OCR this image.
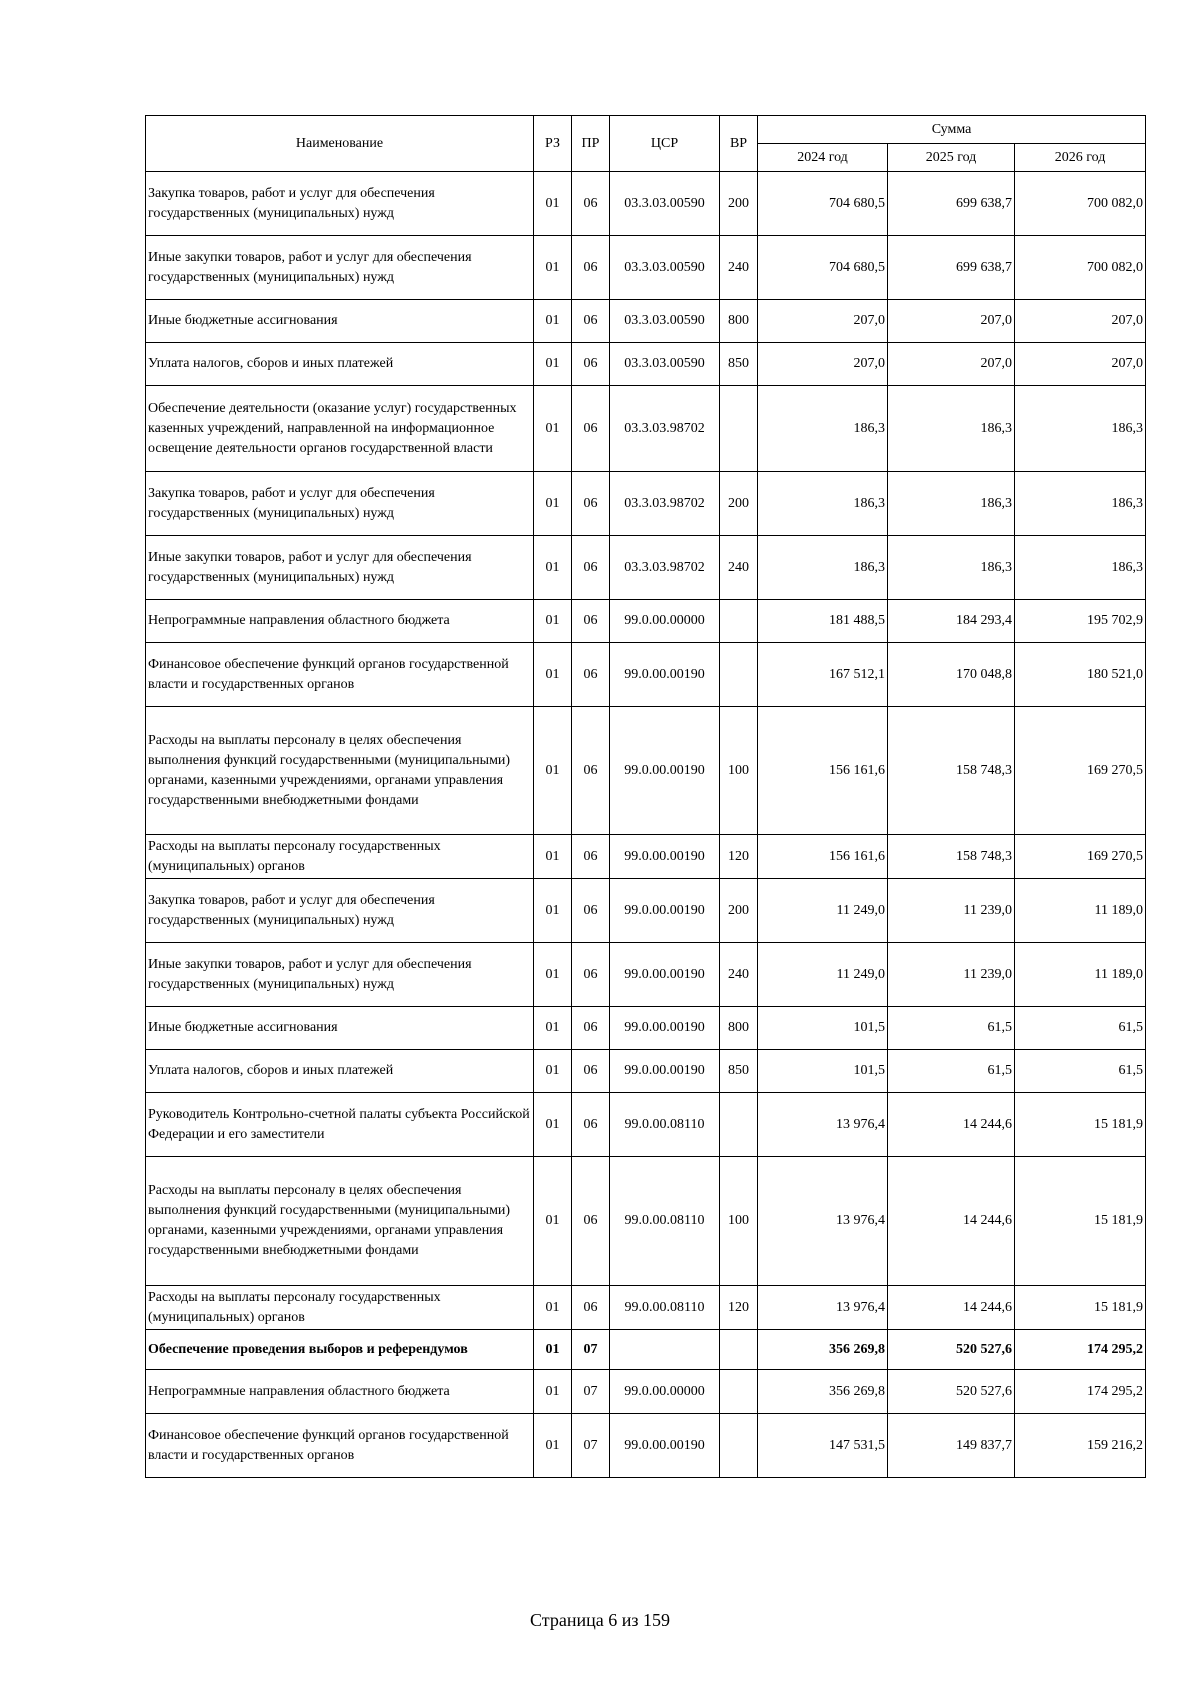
Наименование	РЗ	ПР	ЦСР	ВР	Сумма		
					2024 год	2025 год	2026 год
Закупка товаров, работ и услуг для обеспечения государственных (муниципальных) нужд	01	06	03.3.03.00590	200	704 680,5	699 638,7	700 082,0
Иные закупки товаров, работ и услуг для обеспечения государственных (муниципальных) нужд	01	06	03.3.03.00590	240	704 680,5	699 638,7	700 082,0
Иные бюджетные ассигнования	01	06	03.3.03.00590	800	207,0	207,0	207,0
Уплата налогов, сборов и иных платежей	01	06	03.3.03.00590	850	207,0	207,0	207,0
Обеспечение деятельности (оказание услуг) государственных казенных учреждений, направленной на информационное освещение деятельности органов государственной власти	01	06	03.3.03.98702		186,3	186,3	186,3
Закупка товаров, работ и услуг для обеспечения государственных (муниципальных) нужд	01	06	03.3.03.98702	200	186,3	186,3	186,3
Иные закупки товаров, работ и услуг для обеспечения государственных (муниципальных) нужд	01	06	03.3.03.98702	240	186,3	186,3	186,3
Непрограммные направления областного бюджета	01	06	99.0.00.00000		181 488,5	184 293,4	195 702,9
Финансовое обеспечение функций органов государственной власти и государственных органов	01	06	99.0.00.00190		167 512,1	170 048,8	180 521,0
Расходы на выплаты персоналу в целях обеспечения выполнения функций государственными (муниципальными) органами, казенными учреждениями, органами управления государственными внебюджетными фондами	01	06	99.0.00.00190	100	156 161,6	158 748,3	169 270,5
Расходы на выплаты персоналу государственных (муниципальных) органов	01	06	99.0.00.00190	120	156 161,6	158 748,3	169 270,5
Закупка товаров, работ и услуг для обеспечения государственных (муниципальных) нужд	01	06	99.0.00.00190	200	11 249,0	11 239,0	11 189,0
Иные закупки товаров, работ и услуг для обеспечения государственных (муниципальных) нужд	01	06	99.0.00.00190	240	11 249,0	11 239,0	11 189,0
Иные бюджетные ассигнования	01	06	99.0.00.00190	800	101,5	61,5	61,5
Уплата налогов, сборов и иных платежей	01	06	99.0.00.00190	850	101,5	61,5	61,5
Руководитель Контрольно-счетной палаты субъекта Российской Федерации и его заместители	01	06	99.0.00.08110		13 976,4	14 244,6	15 181,9
Расходы на выплаты персоналу в целях обеспечения выполнения функций государственными (муниципальными) органами, казенными учреждениями, органами управления государственными внебюджетными фондами	01	06	99.0.00.08110	100	13 976,4	14 244,6	15 181,9
Расходы на выплаты персоналу государственных (муниципальных) органов	01	06	99.0.00.08110	120	13 976,4	14 244,6	15 181,9
Обеспечение проведения выборов и референдумов	01	07			356 269,8	520 527,6	174 295,2
Непрограммные направления областного бюджета	01	07	99.0.00.00000		356 269,8	520 527,6	174 295,2
Финансовое обеспечение функций органов государственной власти и государственных органов	01	07	99.0.00.00190		147 531,5	149 837,7	159 216,2
Страница 6 из 159
